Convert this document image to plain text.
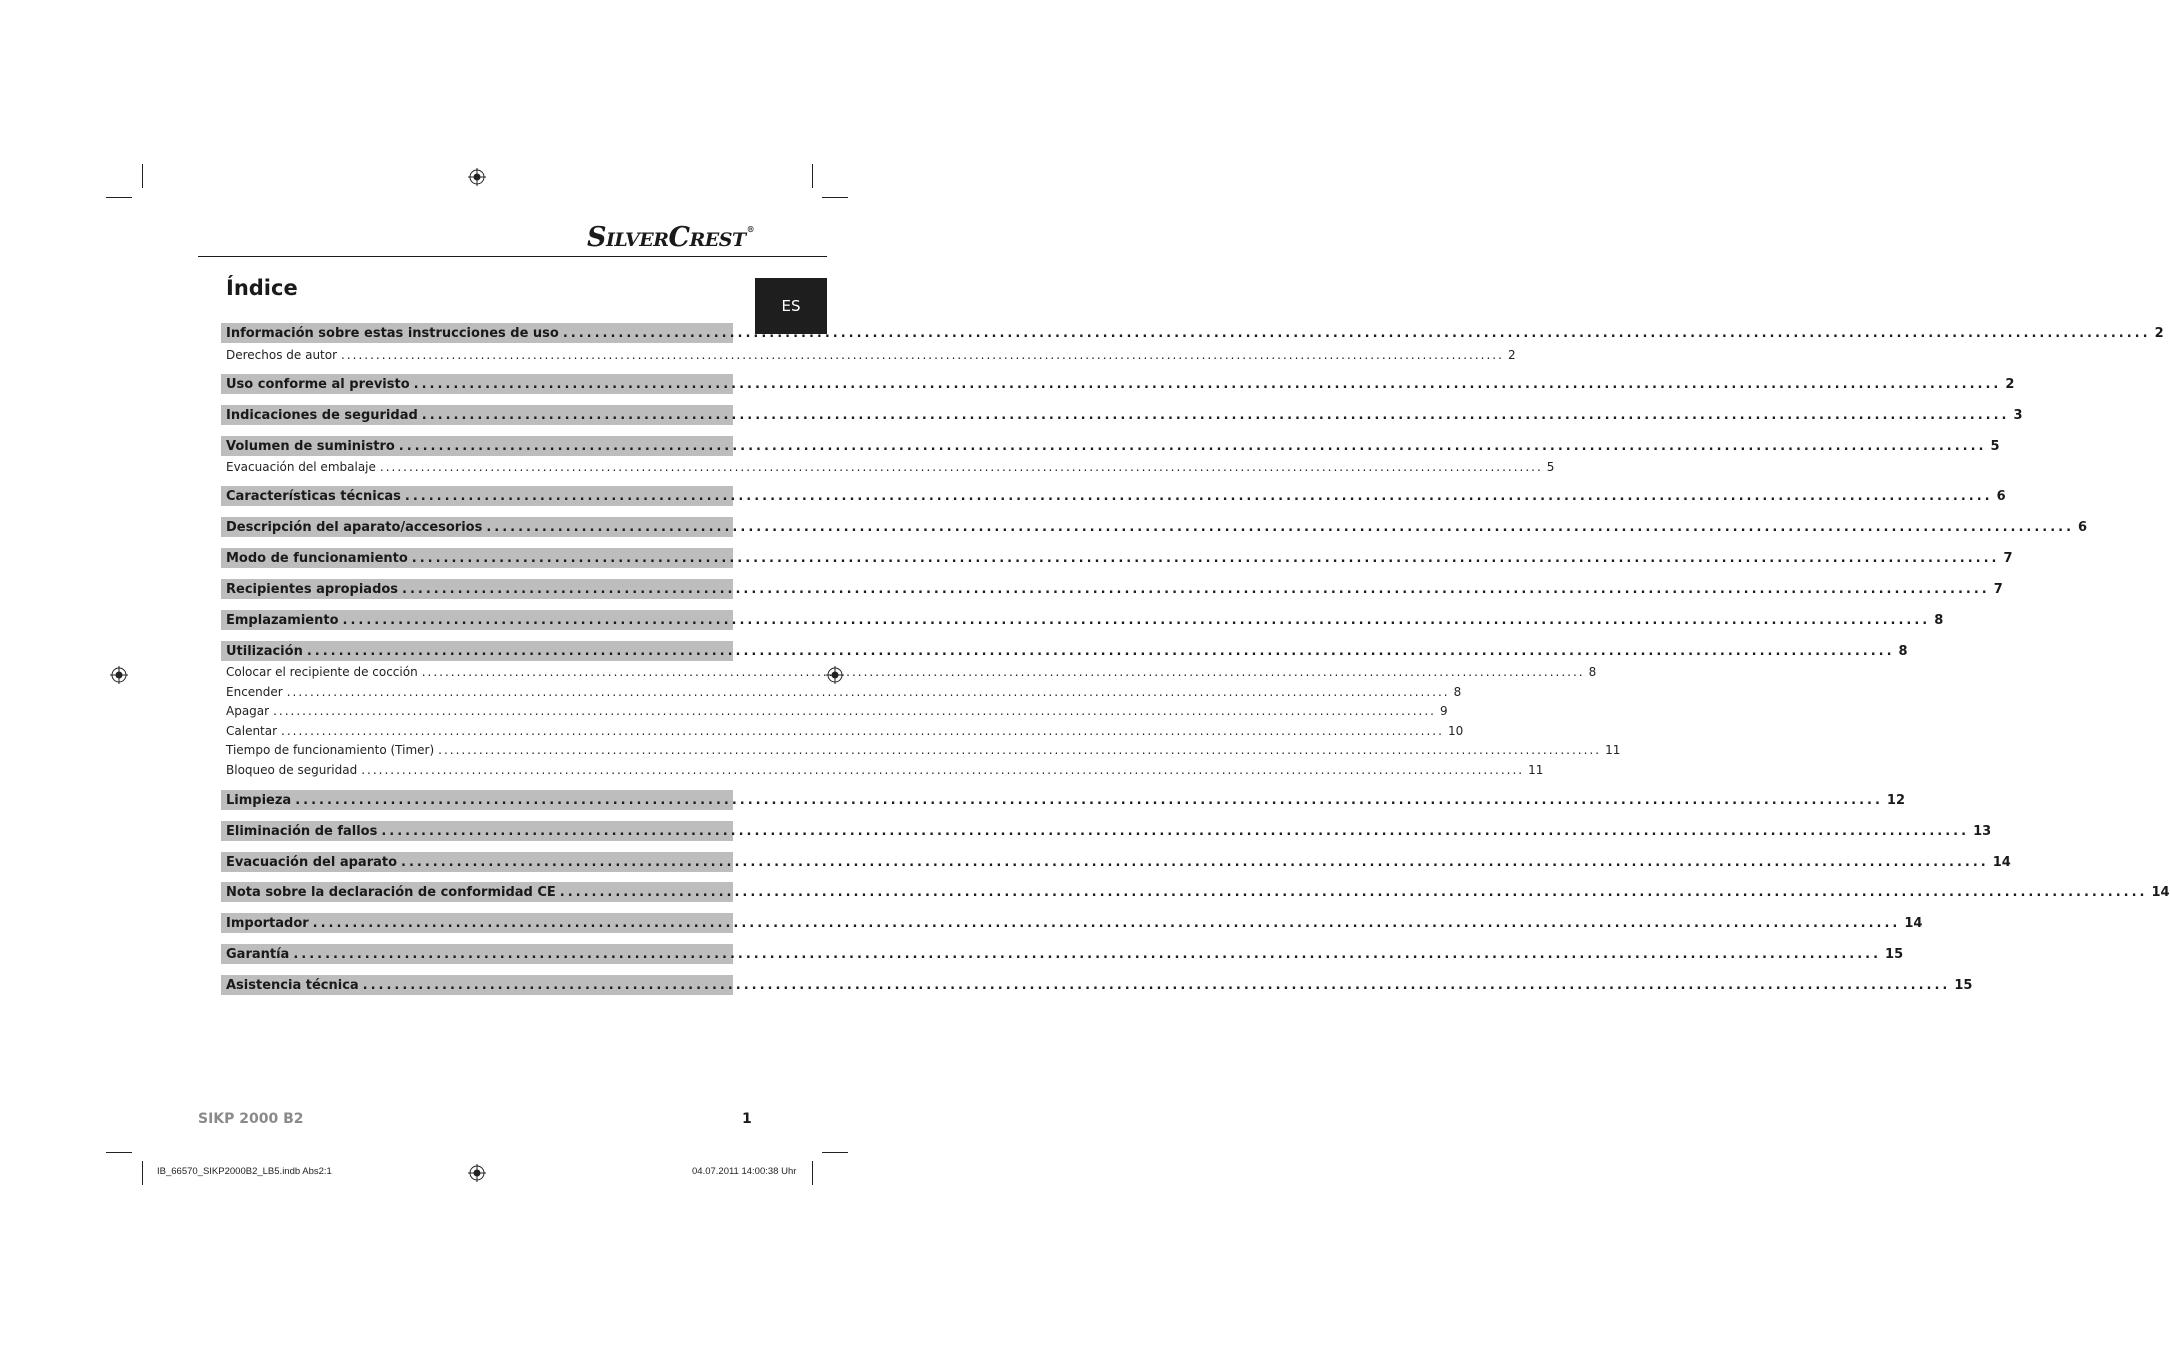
SILVERCREST®
Índice
ES
Información sobre estas instrucciones de uso ........................................................................................................................................................................................................ 2
Derechos de autor ........................................................................................................................................................................................................ 2
Uso conforme al previsto ........................................................................................................................................................................................................ 2
Indicaciones de seguridad ........................................................................................................................................................................................................ 3
Volumen de suministro ........................................................................................................................................................................................................ 5
Evacuación del embalaje ........................................................................................................................................................................................................ 5
Características técnicas ........................................................................................................................................................................................................ 6
Descripción del aparato/accesorios ........................................................................................................................................................................................................ 6
Modo de funcionamiento ........................................................................................................................................................................................................ 7
Recipientes apropiados ........................................................................................................................................................................................................ 7
Emplazamiento ........................................................................................................................................................................................................ 8
Utilización ........................................................................................................................................................................................................ 8
Colocar el recipiente de cocción ........................................................................................................................................................................................................ 8
Encender ........................................................................................................................................................................................................ 8
Apagar ........................................................................................................................................................................................................ 9
Calentar ........................................................................................................................................................................................................ 10
Tiempo de funcionamiento (Timer) ........................................................................................................................................................................................................ 11
Bloqueo de seguridad ........................................................................................................................................................................................................ 11
Limpieza ........................................................................................................................................................................................................ 12
Eliminación de fallos ........................................................................................................................................................................................................ 13
Evacuación del aparato ........................................................................................................................................................................................................ 14
Nota sobre la declaración de conformidad CE ........................................................................................................................................................................................................ 14
Importador ........................................................................................................................................................................................................ 14
Garantía ........................................................................................................................................................................................................ 15
Asistencia técnica ........................................................................................................................................................................................................ 15
SIKP 2000 B2	1
IB_66570_SIKP2000B2_LB5.indb Abs2:1	04.07.2011 14:00:38 Uhr
